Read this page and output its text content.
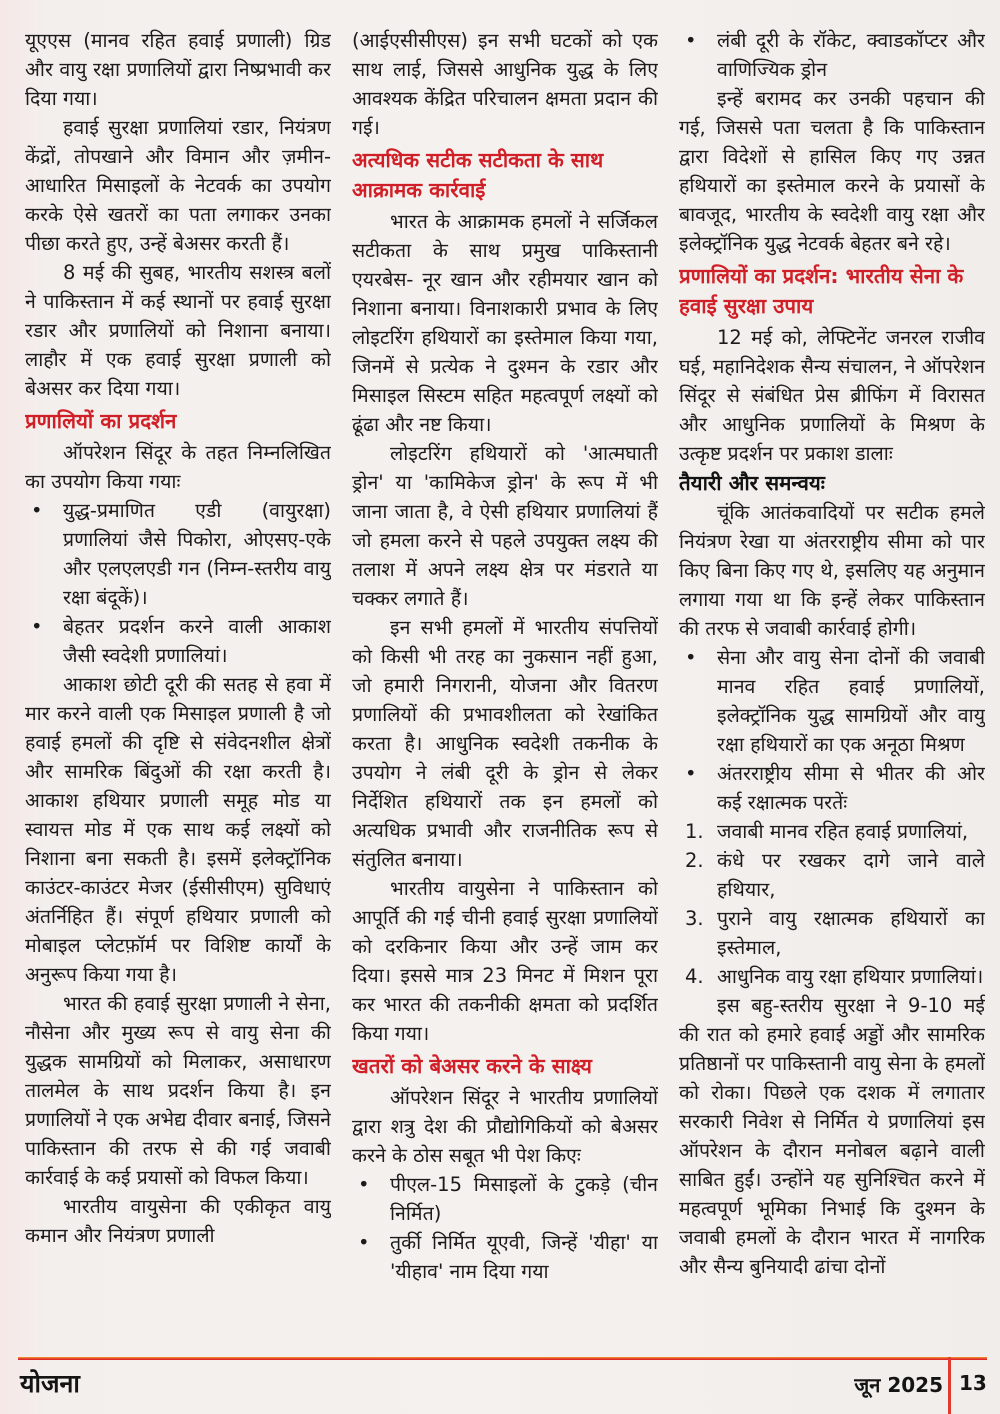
यूएएस (मानव रहित हवाई प्रणाली) ग्रिड और वायु रक्षा प्रणालियों द्वारा निष्प्रभावी कर दिया गया।

हवाई सुरक्षा प्रणालियां रडार, नियंत्रण केंद्रों, तोपखाने और विमान और ज़मीन-आधारित मिसाइलों के नेटवर्क का उपयोग करके ऐसे खतरों का पता लगाकर उनका पीछा करते हुए, उन्हें बेअसर करती हैं।

8 मई की सुबह, भारतीय सशस्त्र बलों ने पाकिस्तान में कई स्थानों पर हवाई सुरक्षा रडार और प्रणालियों को निशाना बनाया। लाहौर में एक हवाई सुरक्षा प्रणाली को बेअसर कर दिया गया।

प्रणालियों का प्रदर्शन

ऑपरेशन सिंदूर के तहत निम्नलिखित का उपयोग किया गयाः

•	युद्ध-प्रमाणित एडी (वायुरक्षा) प्रणालियां जैसे पिकोरा, ओएसए-एके और एलएलएडी गन (निम्न-स्तरीय वायु रक्षा बंदूकें)।
•	बेहतर प्रदर्शन करने वाली आकाश जैसी स्वदेशी प्रणालियां।

आकाश छोटी दूरी की सतह से हवा में मार करने वाली एक मिसाइल प्रणाली है जो हवाई हमलों की दृष्टि से संवेदनशील क्षेत्रों और सामरिक बिंदुओं की रक्षा करती है। आकाश हथियार प्रणाली समूह मोड या स्वायत्त मोड में एक साथ कई लक्ष्यों को निशाना बना सकती है। इसमें इलेक्ट्रॉनिक काउंटर-काउंटर मेजर (ईसीसीएम) सुविधाएं अंतर्निहित हैं। संपूर्ण हथियार प्रणाली को मोबाइल प्लेटफ़ॉर्म पर विशिष्ट कार्यों के अनुरूप किया गया है।

भारत की हवाई सुरक्षा प्रणाली ने सेना, नौसेना और मुख्य रूप से वायु सेना की युद्धक सामग्रियों को मिलाकर, असाधारण तालमेल के साथ प्रदर्शन किया है। इन प्रणालियों ने एक अभेद्य दीवार बनाई, जिसने पाकिस्तान की तरफ से की गई जवाबी कार्रवाई के कई प्रयासों को विफल किया।

भारतीय वायुसेना की एकीकृत वायु कमान और नियंत्रण प्रणाली

(आईएसीसीएस) इन सभी घटकों को एक साथ लाई, जिससे आधुनिक युद्ध के लिए आवश्यक केंद्रित परिचालन क्षमता प्रदान की गई।

अत्यधिक सटीक सटीकता के साथ आक्रामक कार्रवाई

भारत के आक्रामक हमलों ने सर्जिकल सटीकता के साथ प्रमुख पाकिस्तानी एयरबेस- नूर खान और रहीमयार खान को निशाना बनाया। विनाशकारी प्रभाव के लिए लोइटरिंग हथियारों का इस्तेमाल किया गया, जिनमें से प्रत्येक ने दुश्मन के रडार और मिसाइल सिस्टम सहित महत्वपूर्ण लक्ष्यों को ढूंढा और नष्ट किया।

लोइटरिंग हथियारों को 'आत्मघाती ड्रोन' या 'कामिकेज ड्रोन' के रूप में भी जाना जाता है, वे ऐसी हथियार प्रणालियां हैं जो हमला करने से पहले उपयुक्त लक्ष्य की तलाश में अपने लक्ष्य क्षेत्र पर मंडराते या चक्कर लगाते हैं।

इन सभी हमलों में भारतीय संपत्तियों को किसी भी तरह का नुकसान नहीं हुआ, जो हमारी निगरानी, योजना और वितरण प्रणालियों की प्रभावशीलता को रेखांकित करता है। आधुनिक स्वदेशी तकनीक के उपयोग ने लंबी दूरी के ड्रोन से लेकर निर्देशित हथियारों तक इन हमलों को अत्यधिक प्रभावी और राजनीतिक रूप से संतुलित बनाया।

भारतीय वायुसेना ने पाकिस्तान को आपूर्ति की गई चीनी हवाई सुरक्षा प्रणालियों को दरकिनार किया और उन्हें जाम कर दिया। इससे मात्र 23 मिनट में मिशन पूरा कर भारत की तकनीकी क्षमता को प्रदर्शित किया गया।

खतरों को बेअसर करने के साक्ष्य

ऑपरेशन सिंदूर ने भारतीय प्रणालियों द्वारा शत्रु देश की प्रौद्योगिकियों को बेअसर करने के ठोस सबूत भी पेश किएः

•	पीएल-15 मिसाइलों के टुकड़े (चीन निर्मित)
•	तुर्की निर्मित यूएवी, जिन्हें 'यीहा' या 'यीहाव' नाम दिया गया
•	लंबी दूरी के रॉकेट, क्वाडकॉप्टर और वाणिज्यिक ड्रोन

इन्हें बरामद कर उनकी पहचान की गई, जिससे पता चलता है कि पाकिस्तान द्वारा विदेशों से हासिल किए गए उन्नत हथियारों का इस्तेमाल करने के प्रयासों के बावजूद, भारतीय के स्वदेशी वायु रक्षा और इलेक्ट्रॉनिक युद्ध नेटवर्क बेहतर बने रहे।

प्रणालियों का प्रदर्शन: भारतीय सेना के हवाई सुरक्षा उपाय

12 मई को, लेफ्टिनेंट जनरल राजीव घई, महानिदेशक सैन्य संचालन, ने ऑपरेशन सिंदूर से संबंधित प्रेस ब्रीफिंग में विरासत और आधुनिक प्रणालियों के मिश्रण के उत्कृष्ट प्रदर्शन पर प्रकाश डालाः

तैयारी और समन्वयः

चूंकि आतंकवादियों पर सटीक हमले नियंत्रण रेखा या अंतरराष्ट्रीय सीमा को पार किए बिना किए गए थे, इसलिए यह अनुमान लगाया गया था कि इन्हें लेकर पाकिस्तान की तरफ से जवाबी कार्रवाई होगी।

•	सेना और वायु सेना दोनों की जवाबी मानव रहित हवाई प्रणालियों, इलेक्ट्रॉनिक युद्ध सामग्रियों और वायु रक्षा हथियारों का एक अनूठा मिश्रण
•	अंतरराष्ट्रीय सीमा से भीतर की ओर कई रक्षात्मक परतेंः
1. जवाबी मानव रहित हवाई प्रणालियां,
2. कंधे पर रखकर दागे जाने वाले हथियार,
3. पुराने वायु रक्षात्मक हथियारों का इस्तेमाल,
4. आधुनिक वायु रक्षा हथियार प्रणालियां।

इस बहु-स्तरीय सुरक्षा ने 9-10 मई की रात को हमारे हवाई अड्डों और सामरिक प्रतिष्ठानों पर पाकिस्तानी वायु सेना के हमलों को रोका। पिछले एक दशक में लगातार सरकारी निवेश से निर्मित ये प्रणालियां इस ऑपरेशन के दौरान मनोबल बढ़ाने वाली साबित हुईं। उन्होंने यह सुनिश्चित करने में महत्वपूर्ण भूमिका निभाई कि दुश्मन के जवाबी हमलों के दौरान भारत में नागरिक और सैन्य बुनियादी ढांचा दोनों

योजना	जून 2025 13
